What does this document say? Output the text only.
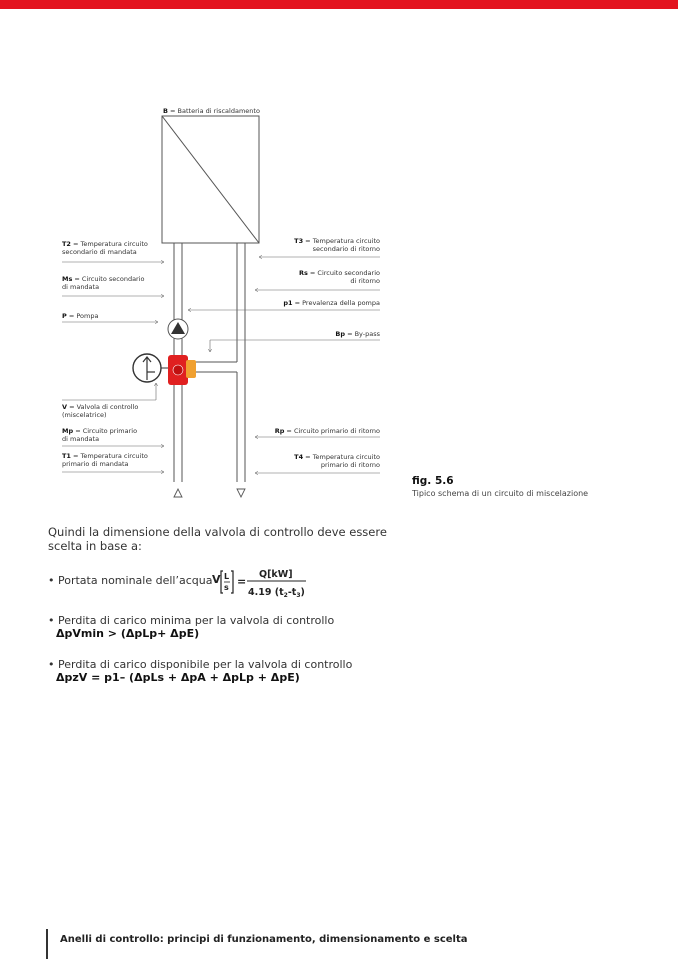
B = Batteria di riscaldamento
T2 = Temperatura circuito
secondario di mandata
Ms = Circuito secondario
di mandata
P = Pompa
V = Valvola di controllo
(miscelatrice)
Mp = Circuito primario
di mandata
T1 = Temperatura circuito
primario di mandata
T3 = Temperatura circuito
secondario di ritorno
Rs = Circuito secondario
di ritorno
p1 = Prevalenza della pompa
Bp = By-pass
Rp = Circuito primario di ritorno
T4 = Temperatura circuito
primario di ritorno
fig. 5.6
Tipico schema di un circuito di miscelazione
Quindi la dimensione della valvola di controllo deve essere scelta in base a:
• Portata nominale dell’acqua V L
s =
Q[kW]
4.19 $(t_2-t_3)$
• Perdita di carico minima per la valvola di controllo
ΔpVmin > (ΔpLp+ ΔpE)
• Perdita di carico disponibile per la valvola di controllo
ΔpzV = p1– (ΔpLs + ΔpA + ΔpLp + ΔpE)
Anelli di controllo: principi di funzionamento, dimensionamento e scelta
